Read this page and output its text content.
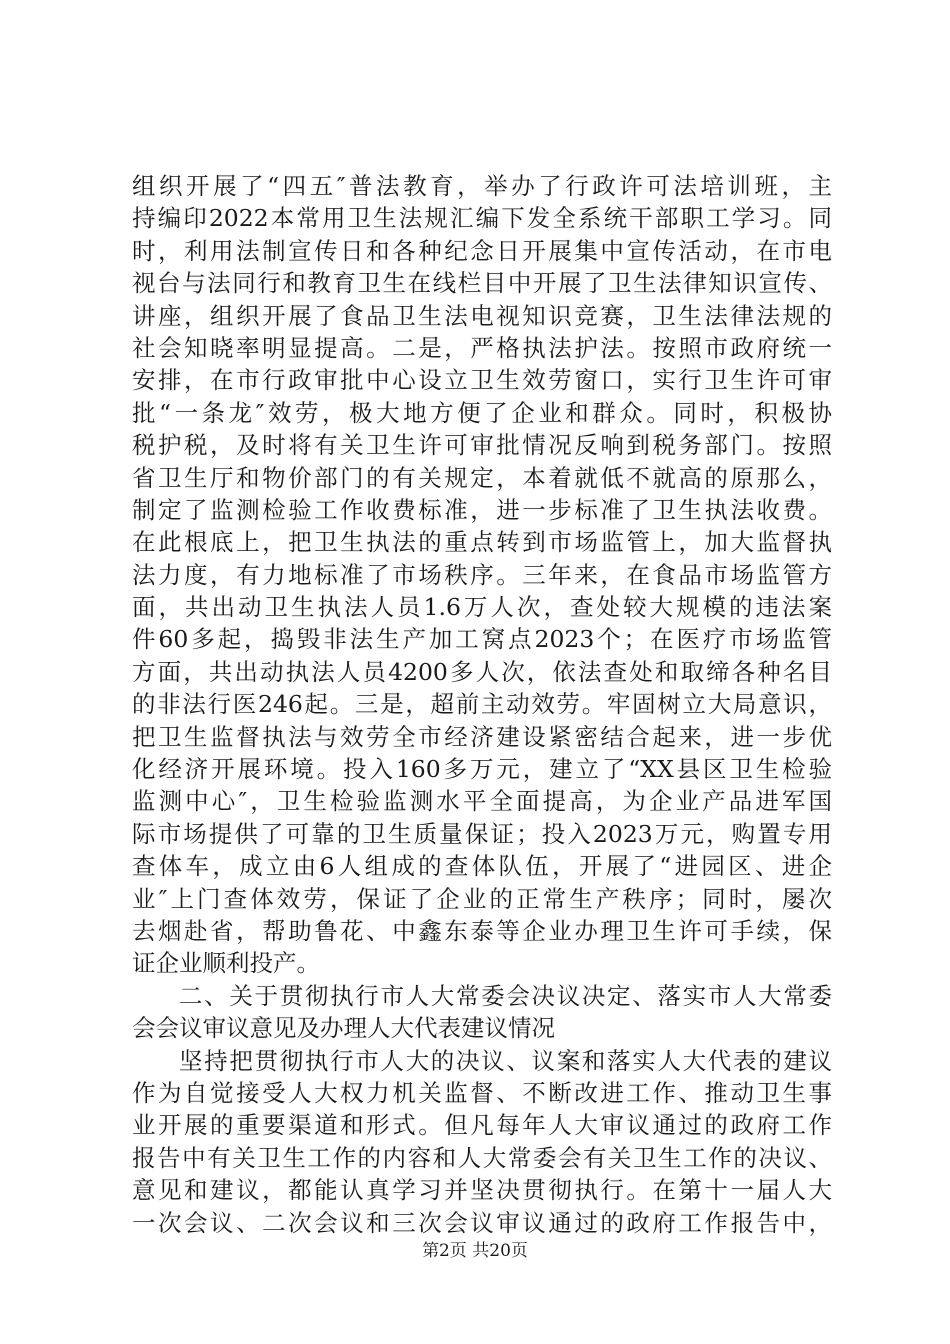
组织开展了“四五″普法教育，举办了行政许可法培训班，主
持编印2022本常用卫生法规汇编下发全系统干部职工学习。同
时，利用法制宣传日和各种纪念日开展集中宣传活动，在市电
视台与法同行和教育卫生在线栏目中开展了卫生法律知识宣传、
讲座，组织开展了食品卫生法电视知识竞赛，卫生法律法规的
社会知晓率明显提高。二是，严格执法护法。按照市政府统一
安排，在市行政审批中心设立卫生效劳窗口，实行卫生许可审
批“一条龙″效劳，极大地方便了企业和群众。同时，积极协
税护税，及时将有关卫生许可审批情况反响到税务部门。按照
省卫生厅和物价部门的有关规定，本着就低不就高的原那么，
制定了监测检验工作收费标准，进一步标准了卫生执法收费。
在此根底上，把卫生执法的重点转到市场监管上，加大监督执
法力度，有力地标准了市场秩序。三年来，在食品市场监管方
面，共出动卫生执法人员1.6万人次，查处较大规模的违法案
件60多起，捣毁非法生产加工窝点2023个；在医疗市场监管
方面，共出动执法人员4200多人次，依法查处和取缔各种名目
的非法行医246起。三是，超前主动效劳。牢固树立大局意识，
把卫生监督执法与效劳全市经济建设紧密结合起来，进一步优
化经济开展环境。投入160多万元，建立了“XX县区卫生检验
监测中心″，卫生检验监测水平全面提高，为企业产品进军国
际市场提供了可靠的卫生质量保证；投入2023万元，购置专用
查体车，成立由6人组成的查体队伍，开展了“进园区、进企
业″上门查体效劳，保证了企业的正常生产秩序；同时，屡次
去烟赴省，帮助鲁花、中鑫东泰等企业办理卫生许可手续，保
证企业顺利投产。
二、关于贯彻执行市人大常委会决议决定、落实市人大常委
会会议审议意见及办理人大代表建议情况
坚持把贯彻执行市人大的决议、议案和落实人大代表的建议
作为自觉接受人大权力机关监督、不断改进工作、推动卫生事
业开展的重要渠道和形式。但凡每年人大审议通过的政府工作
报告中有关卫生工作的内容和人大常委会有关卫生工作的决议、
意见和建议，都能认真学习并坚决贯彻执行。在第十一届人大
一次会议、二次会议和三次会议审议通过的政府工作报告中，
第2页 共20页
